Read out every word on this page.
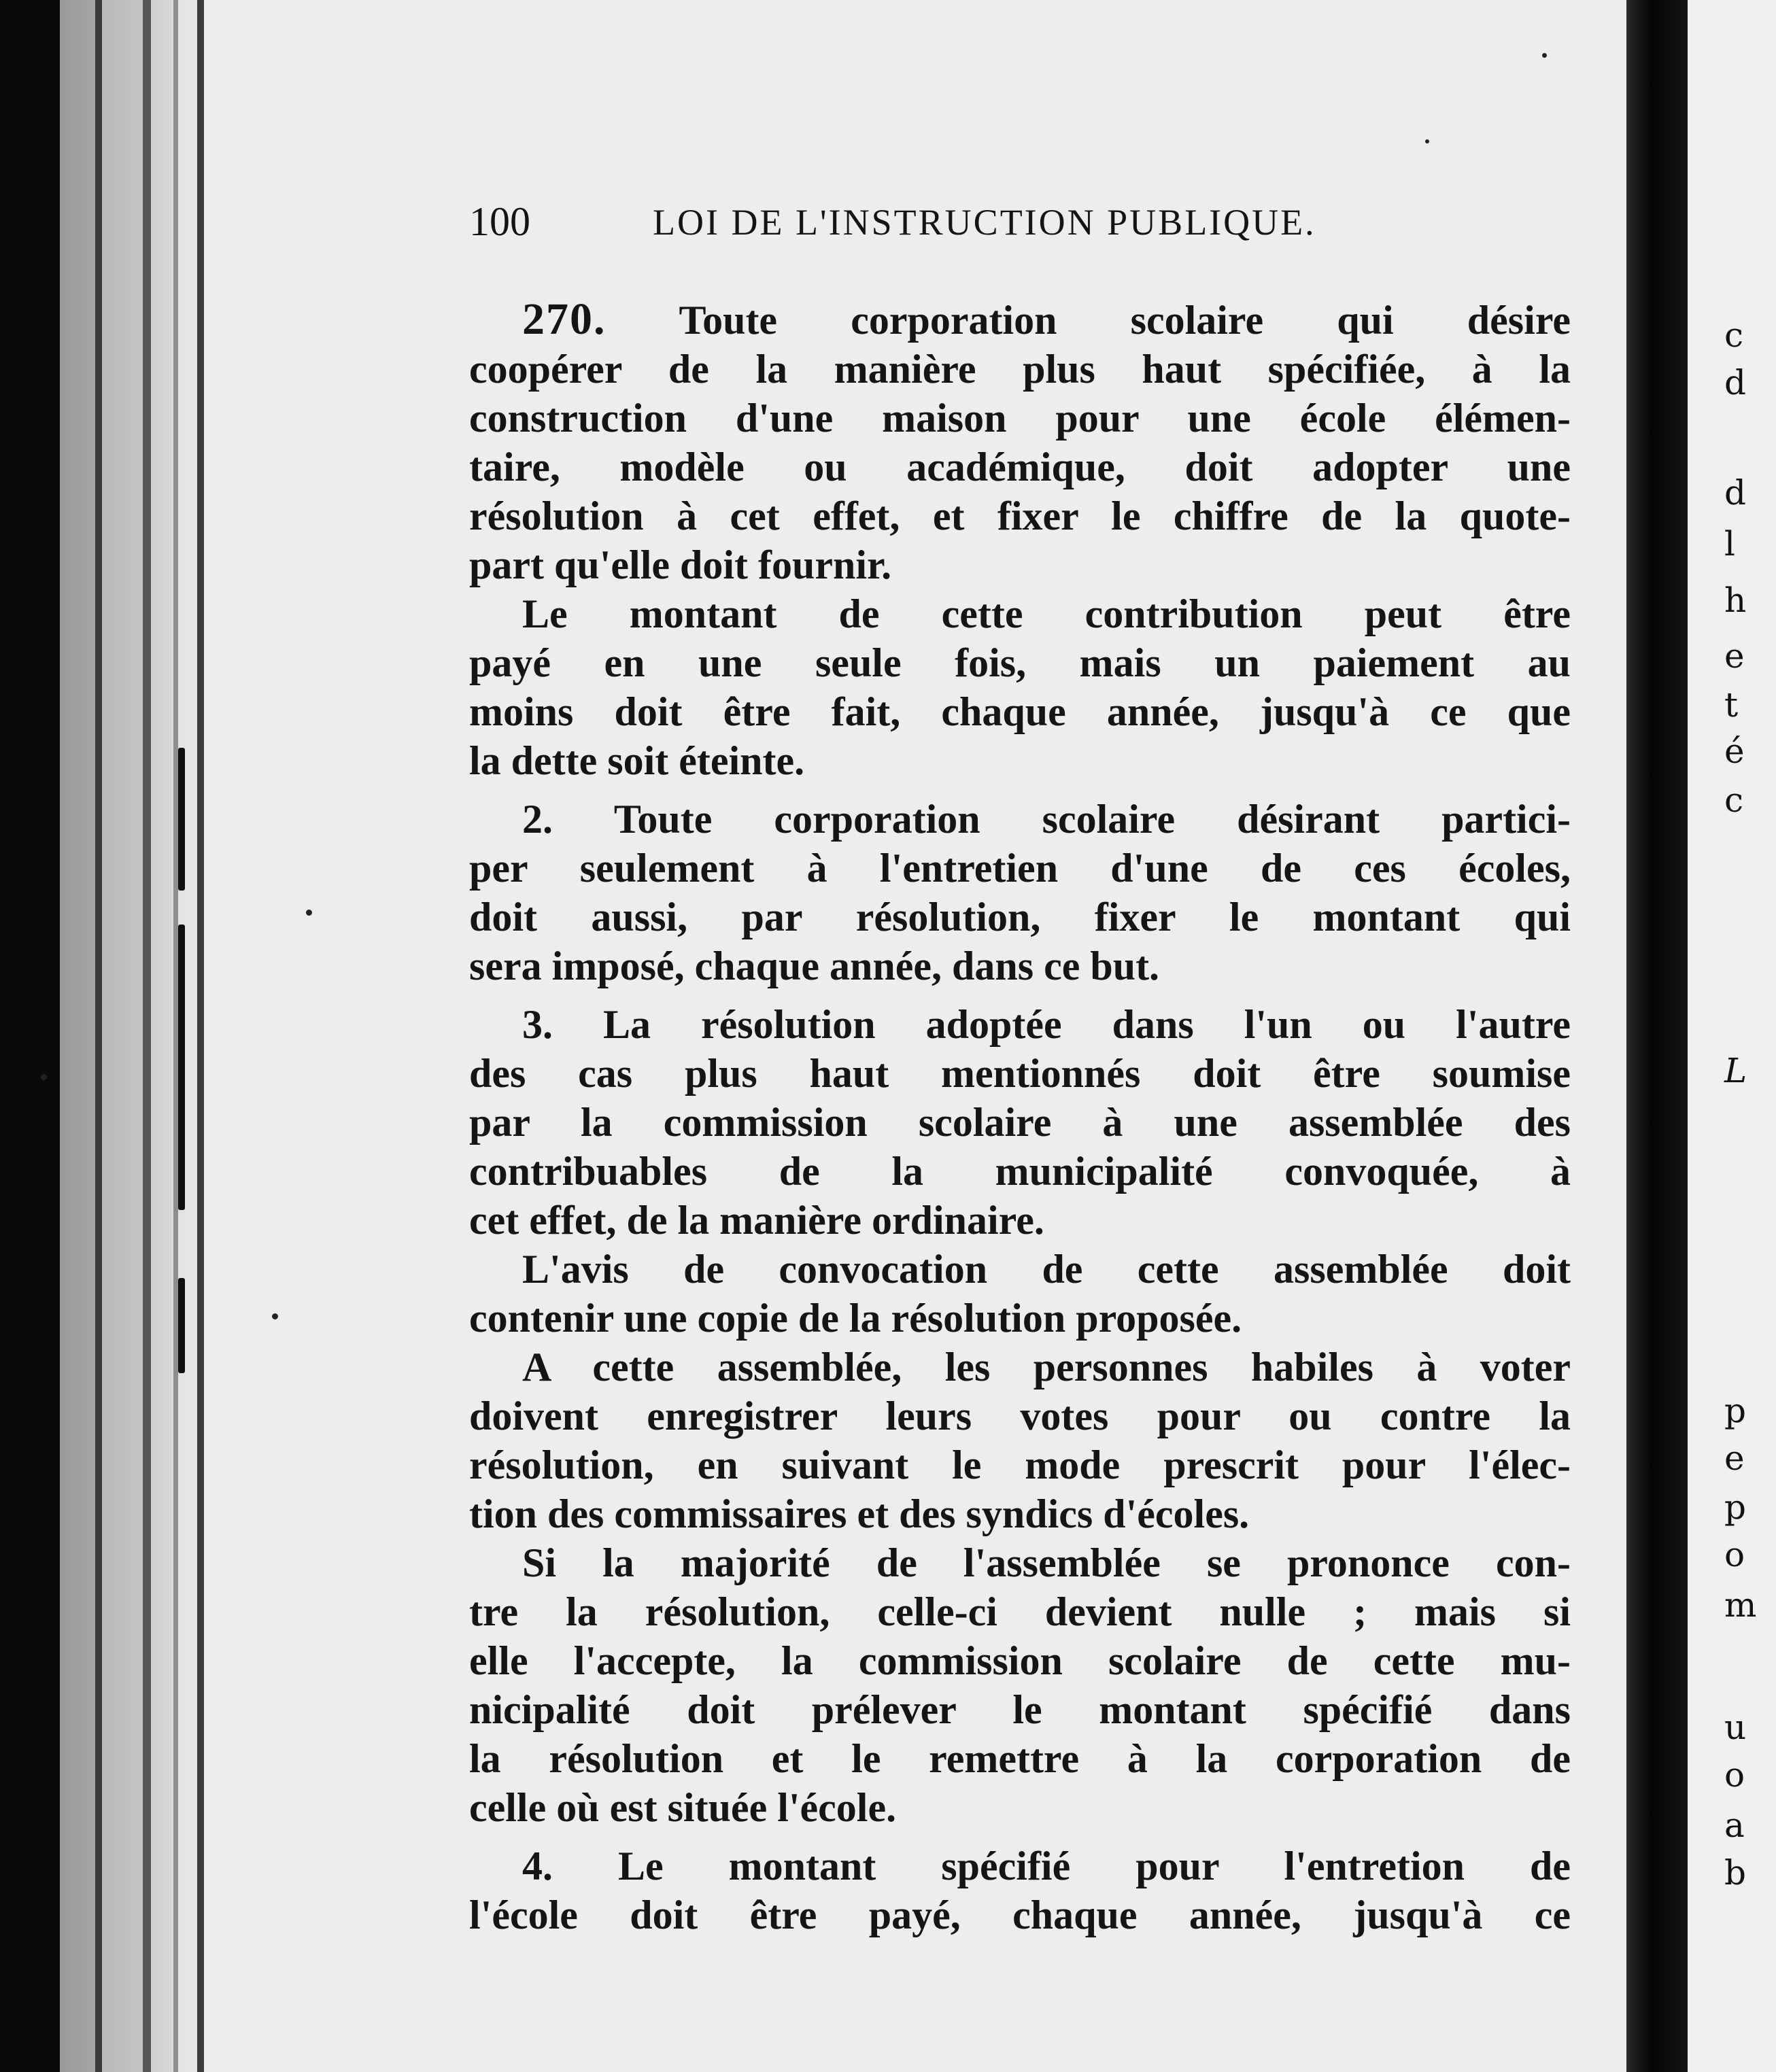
100	LOI DE L'INSTRUCTION PUBLIQUE.
270. Toute corporation scolaire qui désire
coopérer de la manière plus haut spécifiée, à la
construction d'une maison pour une école élémen-
taire, modèle ou académique, doit adopter une
résolution à cet effet, et fixer le chiffre de la quote-
part qu'elle doit fournir.
Le montant de cette contribution peut être
payé en une seule fois, mais un paiement au
moins doit être fait, chaque année, jusqu'à ce que
la dette soit éteinte.
2. Toute corporation scolaire désirant partici-
per seulement à l'entretien d'une de ces écoles,
doit aussi, par résolution, fixer le montant qui
sera imposé, chaque année, dans ce but.
3. La résolution adoptée dans l'un ou l'autre
des cas plus haut mentionnés doit être soumise
par la commission scolaire à une assemblée des
contribuables de la municipalité convoquée, à
cet effet, de la manière ordinaire.
L'avis de convocation de cette assemblée doit
contenir une copie de la résolution proposée.
A cette assemblée, les personnes habiles à voter
doivent enregistrer leurs votes pour ou contre la
résolution, en suivant le mode prescrit pour l'élec-
tion des commissaires et des syndics d'écoles.
Si la majorité de l'assemblée se prononce con-
tre la résolution, celle-ci devient nulle ; mais si
elle l'accepte, la commission scolaire de cette mu-
nicipalité doit prélever le montant spécifié dans
la résolution et le remettre à la corporation de
celle où est située l'école.
4. Le montant spécifié pour l'entretion de
l'école doit être payé, chaque année, jusqu'à ce
c
d
d
l
h
e
t
é
c
L
p
e
p
o
m
u
o
a
b
